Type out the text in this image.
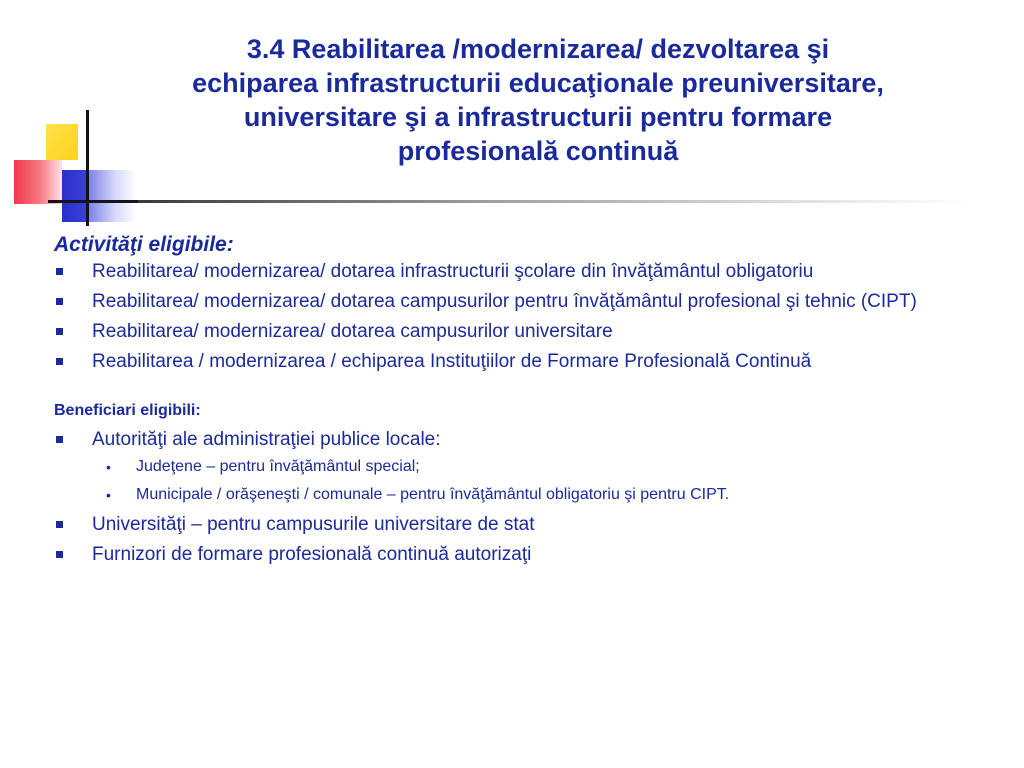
3.4 Reabilitarea /modernizarea/ dezvoltarea şi
echiparea infrastructurii educaţionale preuniversitare,
universitare şi a infrastructurii pentru formare
profesională continuă

Activităţi eligibile:

Reabilitarea/ modernizarea/ dotarea infrastructurii şcolare din învăţământul obligatoriu
Reabilitarea/ modernizarea/ dotarea campusurilor pentru învăţământul profesional şi tehnic (CIPT)
Reabilitarea/ modernizarea/ dotarea campusurilor universitare
Reabilitarea / modernizarea / echiparea Instituţiilor de Formare Profesională Continuă

Beneficiari eligibili:

Autorităţi ale administraţiei publice locale:
• Judeţene – pentru învăţământul special;
• Municipale / orăşeneşti / comunale – pentru învăţământul obligatoriu şi pentru CIPT.
Universităţi – pentru campusurile universitare de stat
Furnizori de formare profesională continuă autorizaţi
